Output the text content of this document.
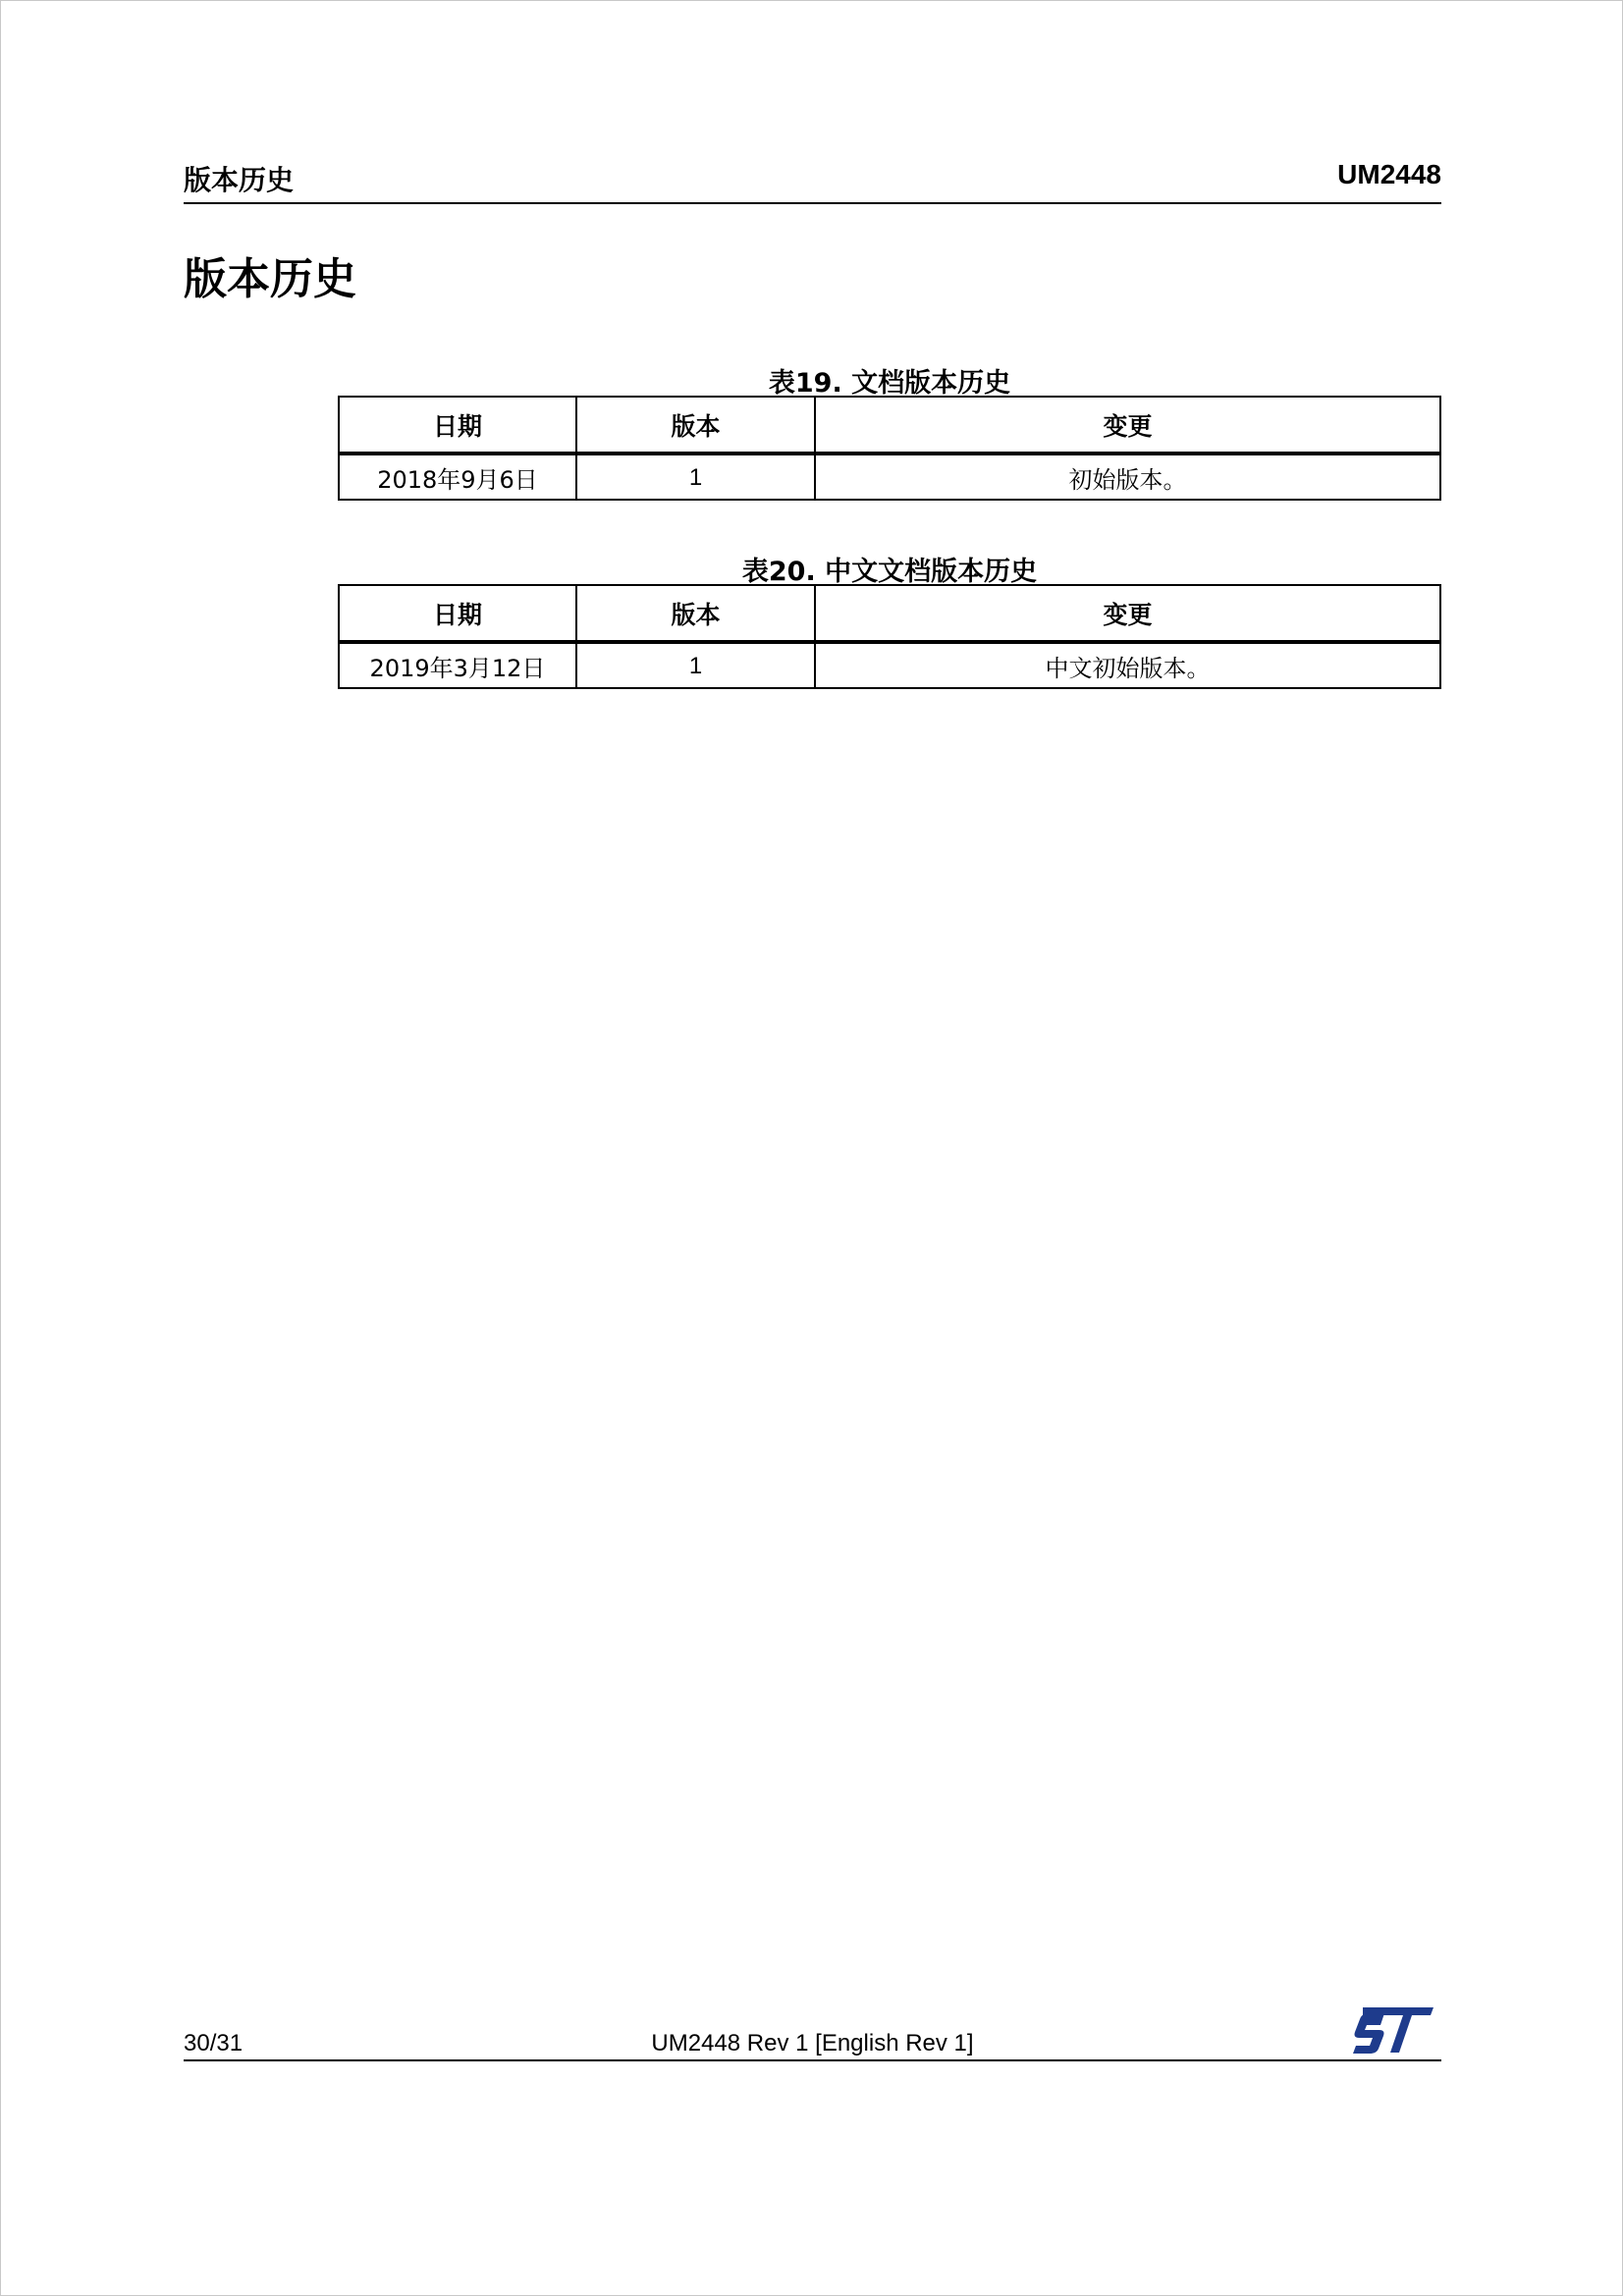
版本历史	UM2448
版本历史
表19. 文档版本历史
日期	版本	变更
2018年9月6日	1	初始版本。
表20. 中文文档版本历史
日期	版本	变更
2019年3月12日	1	中文初始版本。
30/31	UM2448 Rev 1 [English Rev 1]
